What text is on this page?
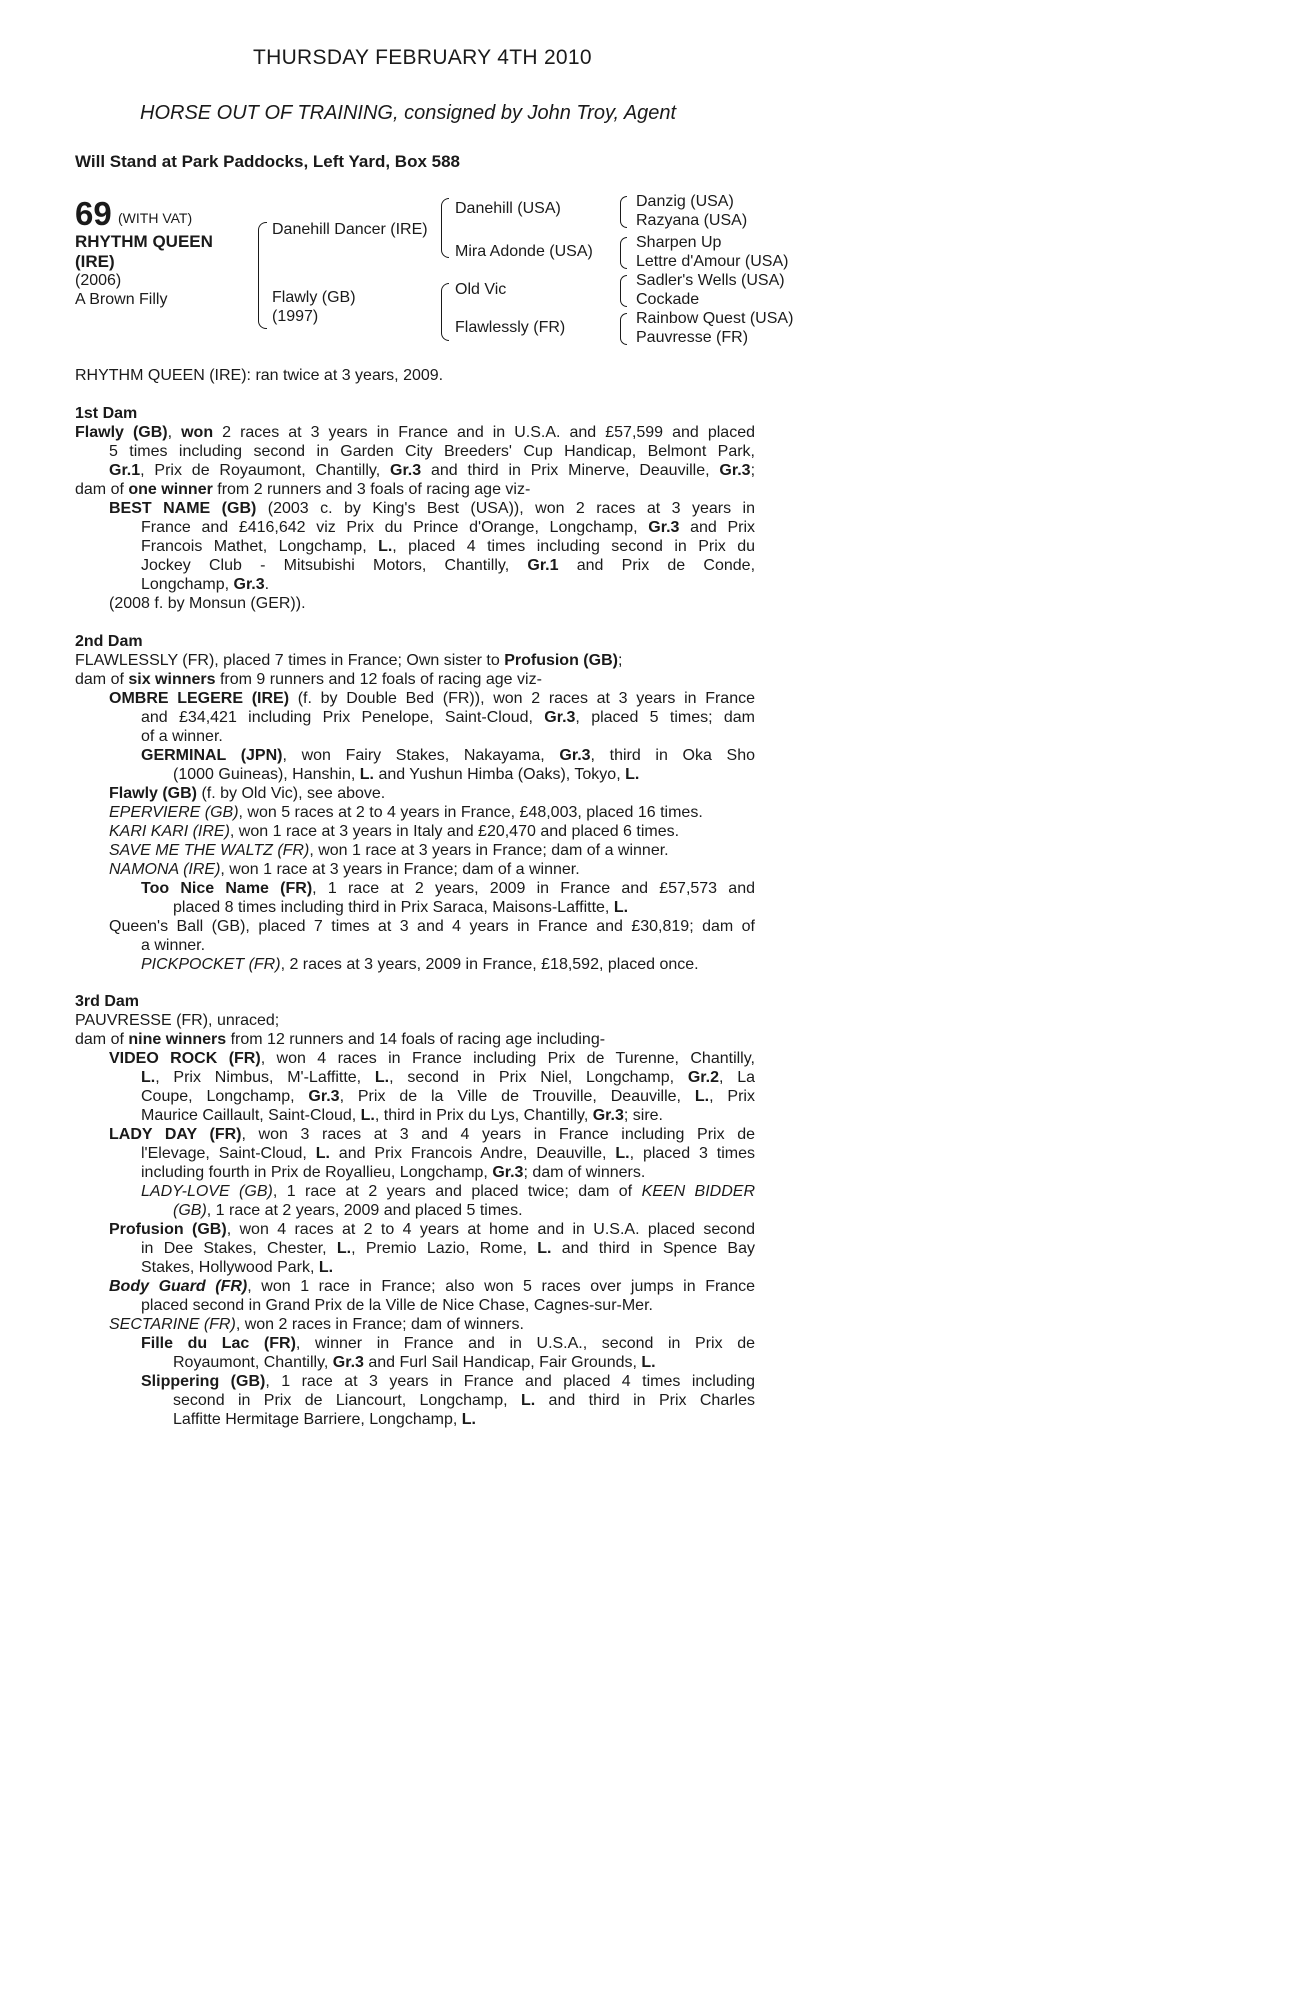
THURSDAY FEBRUARY 4TH 2010
HORSE OUT OF TRAINING, consigned by John Troy, Agent
Will Stand at Park Paddocks, Left Yard, Box 588
69 (WITH VAT)
RHYTHM QUEEN
(IRE)
(2006)
A Brown Filly
Danehill Dancer (IRE)
Flawly (GB)
(1997)
Danehill (USA)
Mira Adonde (USA)
Old Vic
Flawlessly (FR)
Danzig (USA)
Razyana (USA)
Sharpen Up
Lettre d'Amour (USA)
Sadler's Wells (USA)
Cockade
Rainbow Quest (USA)
Pauvresse (FR)
RHYTHM QUEEN (IRE): ran twice at 3 years, 2009.
1st Dam
Flawly (GB), won 2 races at 3 years in France and in U.S.A. and £57,599 and placed
5 times including second in Garden City Breeders' Cup Handicap, Belmont Park,
Gr.1, Prix de Royaumont, Chantilly, Gr.3 and third in Prix Minerve, Deauville, Gr.3;
dam of one winner from 2 runners and 3 foals of racing age viz-
BEST NAME (GB) (2003 c. by King's Best (USA)), won 2 races at 3 years in
France and £416,642 viz Prix du Prince d'Orange, Longchamp, Gr.3 and Prix
Francois Mathet, Longchamp, L., placed 4 times including second in Prix du
Jockey Club - Mitsubishi Motors, Chantilly, Gr.1 and Prix de Conde,
Longchamp, Gr.3.
(2008 f. by Monsun (GER)).
2nd Dam
FLAWLESSLY (FR), placed 7 times in France; Own sister to Profusion (GB);
dam of six winners from 9 runners and 12 foals of racing age viz-
OMBRE LEGERE (IRE) (f. by Double Bed (FR)), won 2 races at 3 years in France
and £34,421 including Prix Penelope, Saint-Cloud, Gr.3, placed 5 times; dam
of a winner.
GERMINAL (JPN), won Fairy Stakes, Nakayama, Gr.3, third in Oka Sho
(1000 Guineas), Hanshin, L. and Yushun Himba (Oaks), Tokyo, L.
Flawly (GB) (f. by Old Vic), see above.
EPERVIERE (GB), won 5 races at 2 to 4 years in France, £48,003, placed 16 times.
KARI KARI (IRE), won 1 race at 3 years in Italy and £20,470 and placed 6 times.
SAVE ME THE WALTZ (FR), won 1 race at 3 years in France; dam of a winner.
NAMONA (IRE), won 1 race at 3 years in France; dam of a winner.
Too Nice Name (FR), 1 race at 2 years, 2009 in France and £57,573 and
placed 8 times including third in Prix Saraca, Maisons-Laffitte, L.
Queen's Ball (GB), placed 7 times at 3 and 4 years in France and £30,819; dam of
a winner.
PICKPOCKET (FR), 2 races at 3 years, 2009 in France, £18,592, placed once.
3rd Dam
PAUVRESSE (FR), unraced;
dam of nine winners from 12 runners and 14 foals of racing age including-
VIDEO ROCK (FR), won 4 races in France including Prix de Turenne, Chantilly,
L., Prix Nimbus, M'-Laffitte, L., second in Prix Niel, Longchamp, Gr.2, La
Coupe, Longchamp, Gr.3, Prix de la Ville de Trouville, Deauville, L., Prix
Maurice Caillault, Saint-Cloud, L., third in Prix du Lys, Chantilly, Gr.3; sire.
LADY DAY (FR), won 3 races at 3 and 4 years in France including Prix de
l'Elevage, Saint-Cloud, L. and Prix Francois Andre, Deauville, L., placed 3 times
including fourth in Prix de Royallieu, Longchamp, Gr.3; dam of winners.
LADY-LOVE (GB), 1 race at 2 years and placed twice; dam of KEEN BIDDER
(GB), 1 race at 2 years, 2009 and placed 5 times.
Profusion (GB), won 4 races at 2 to 4 years at home and in U.S.A. placed second
in Dee Stakes, Chester, L., Premio Lazio, Rome, L. and third in Spence Bay
Stakes, Hollywood Park, L.
Body Guard (FR), won 1 race in France; also won 5 races over jumps in France
placed second in Grand Prix de la Ville de Nice Chase, Cagnes-sur-Mer.
SECTARINE (FR), won 2 races in France; dam of winners.
Fille du Lac (FR), winner in France and in U.S.A., second in Prix de
Royaumont, Chantilly, Gr.3 and Furl Sail Handicap, Fair Grounds, L.
Slippering (GB), 1 race at 3 years in France and placed 4 times including
second in Prix de Liancourt, Longchamp, L. and third in Prix Charles
Laffitte Hermitage Barriere, Longchamp, L.
